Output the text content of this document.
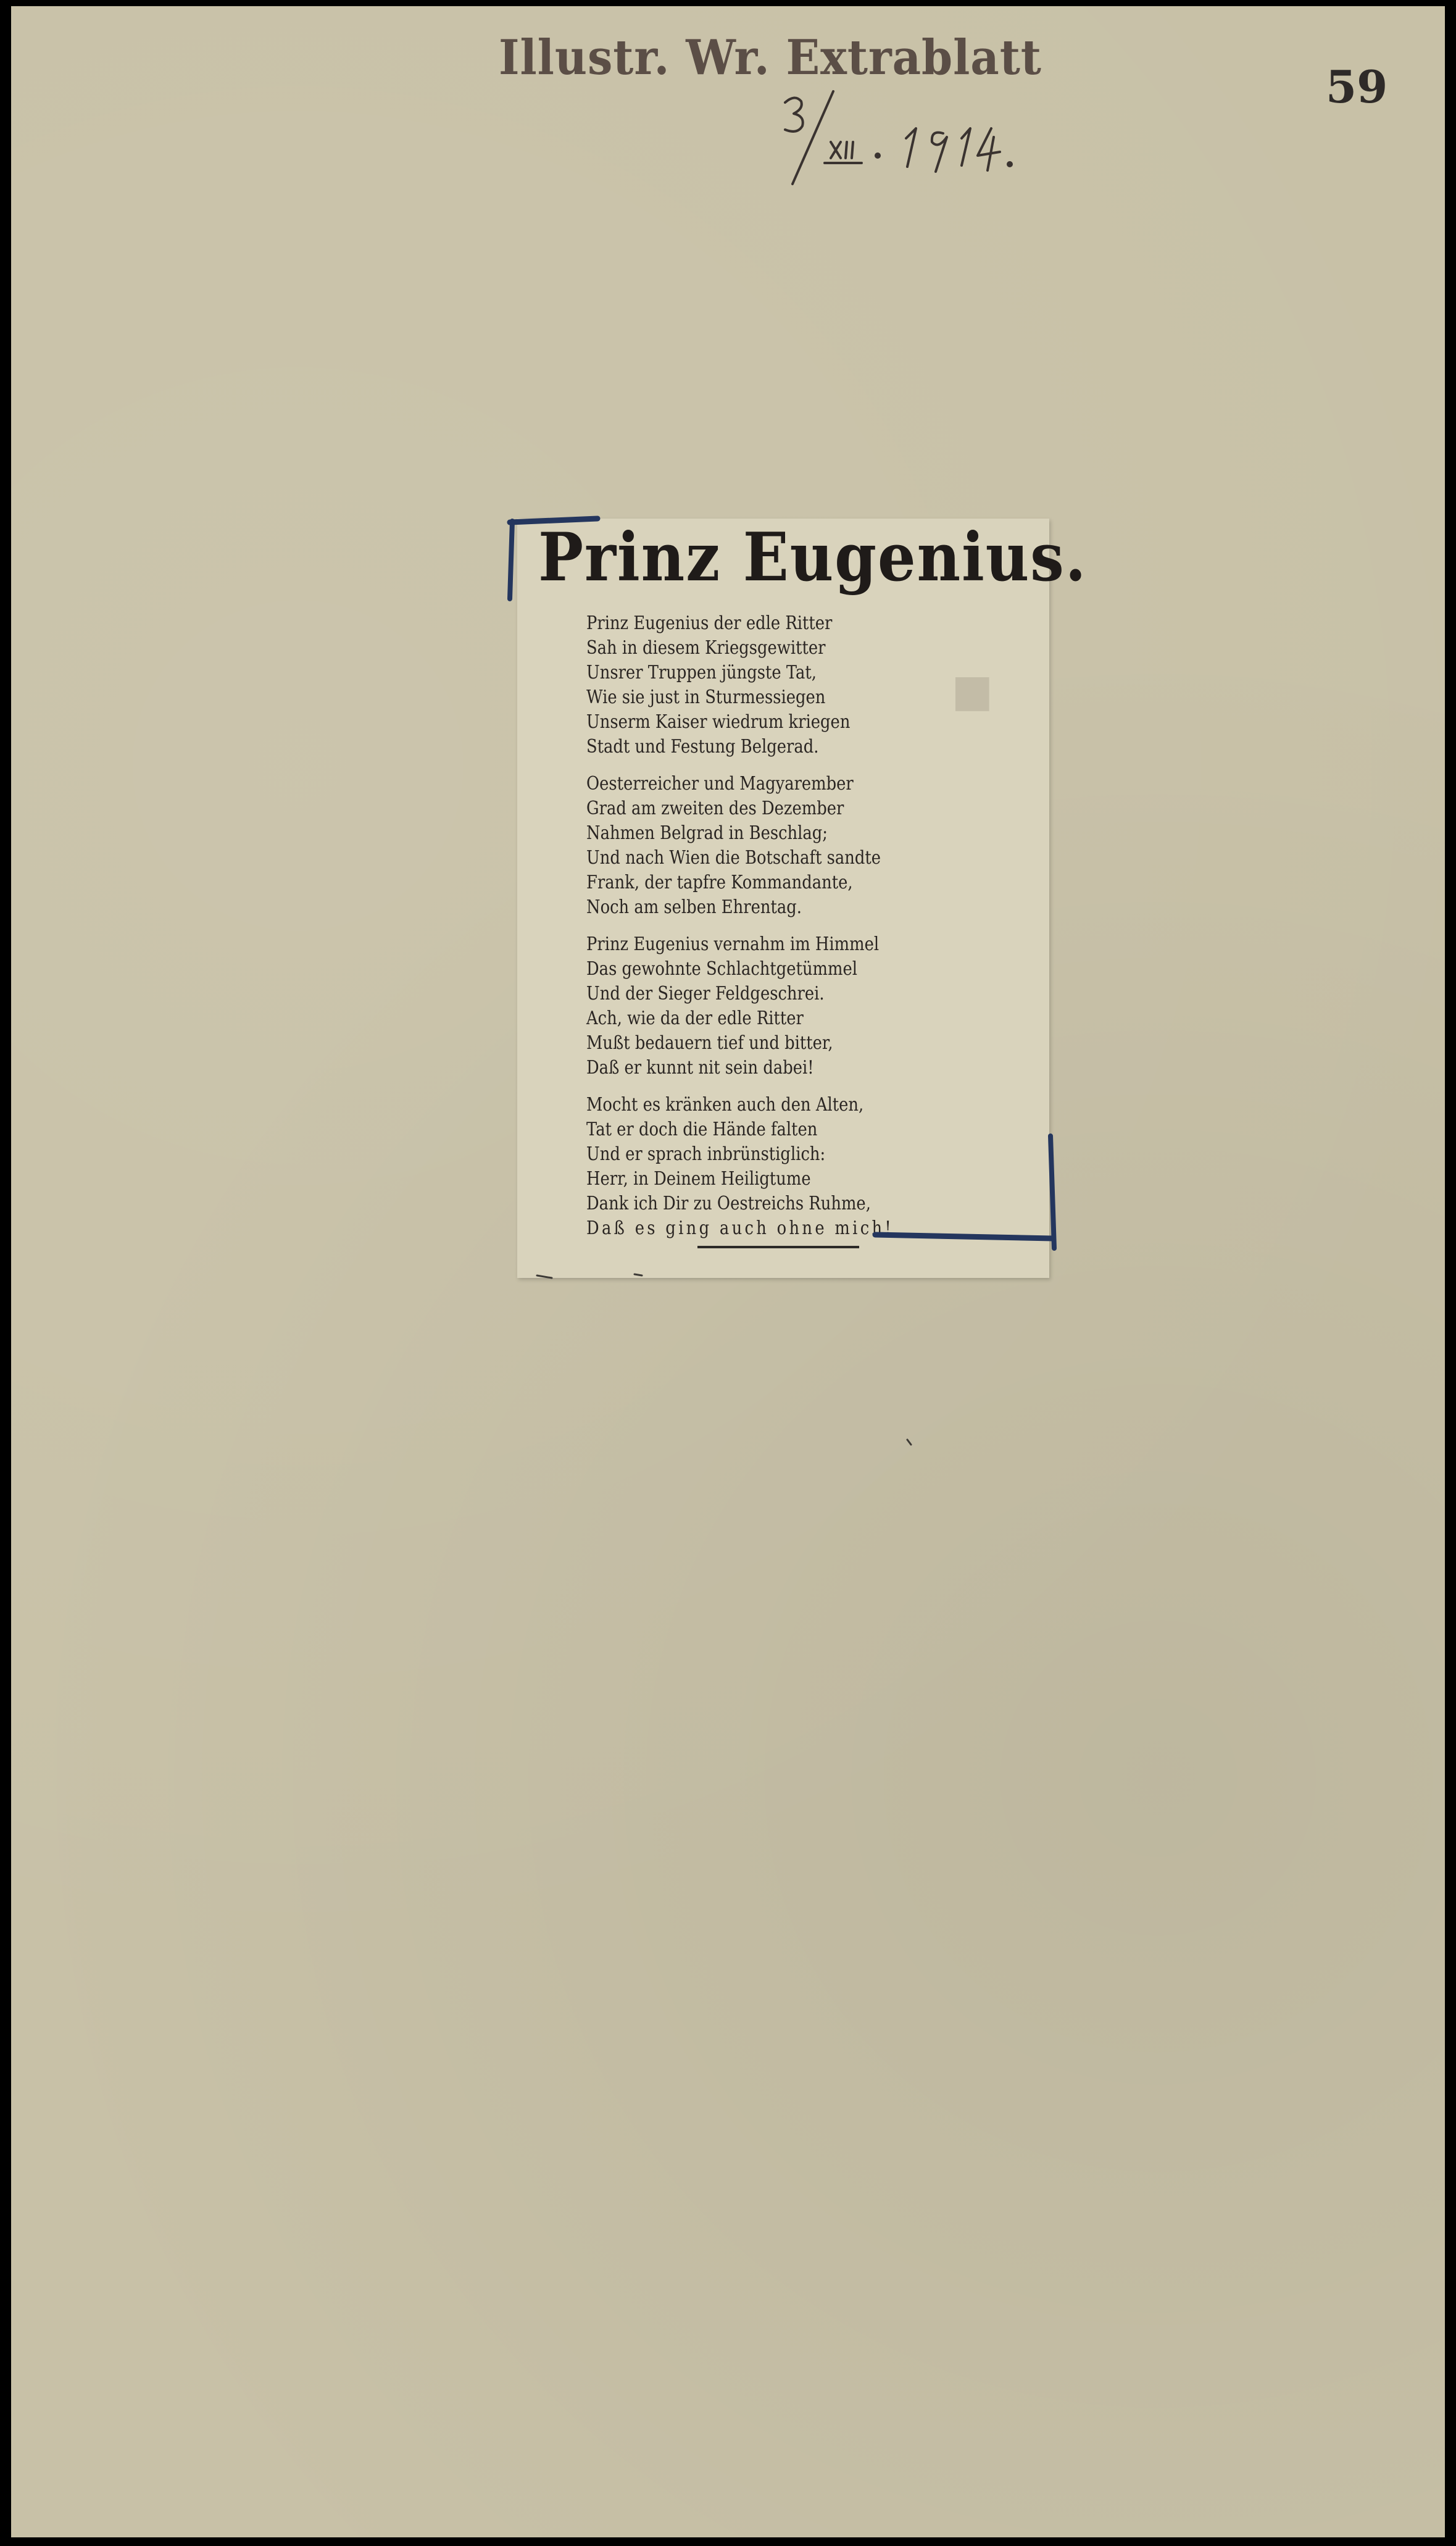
Illustr. Wr. Extrablatt
59
▪
Prinz Eugenius.
Prinz Eugenius der edle Ritter
Sah in diesem Kriegsgewitter
Unsrer Truppen jüngste Tat,
Wie sie just in Sturmessiegen
Unserm Kaiser wiedrum kriegen
Stadt und Festung Belgerad.
Oesterreicher und Magyarember
Grad am zweiten des Dezember
Nahmen Belgrad in Beschlag;
Und nach Wien die Botschaft sandte
Frank, der tapfre Kommandante,
Noch am selben Ehrentag.
Prinz Eugenius vernahm im Himmel
Das gewohnte Schlachtgetümmel
Und der Sieger Feldgeschrei.
Ach, wie da der edle Ritter
Mußt bedauern tief und bitter,
Daß er kunnt nit sein dabei!
Mocht es kränken auch den Alten,
Tat er doch die Hände falten
Und er sprach inbrünstiglich:
Herr, in Deinem Heiligtume
Dank ich Dir zu Oestreichs Ruhme,
Daß es ging auch ohne mich!
